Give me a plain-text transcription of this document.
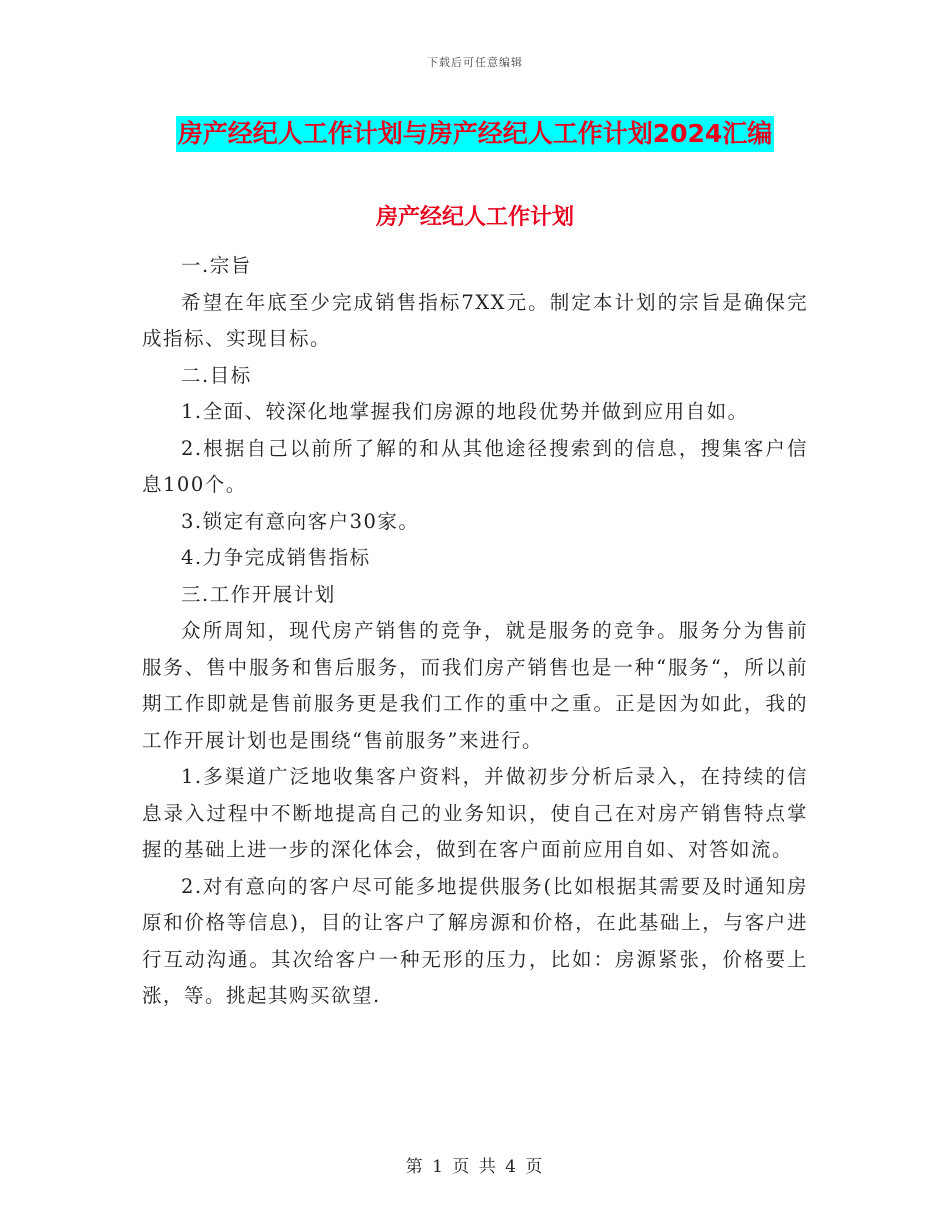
下载后可任意编辑
房产经纪人工作计划与房产经纪人工作计划2024汇编
房产经纪人工作计划

一.宗旨

希望在年底至少完成销售指标7XX元。制定本计划的宗旨是确保完成指标、实现目标。

二.目标

1.全面、较深化地掌握我们房源的地段优势并做到应用自如。

2.根据自己以前所了解的和从其他途径搜索到的信息，搜集客户信息100个。

3.锁定有意向客户30家。

4.力争完成销售指标

三.工作开展计划

众所周知，现代房产销售的竞争，就是服务的竞争。服务分为售前服务、售中服务和售后服务，而我们房产销售也是一种“服务“，所以前期工作即就是售前服务更是我们工作的重中之重。正是因为如此，我的工作开展计划也是围绕“售前服务”来进行。

1.多渠道广泛地收集客户资料，并做初步分析后录入，在持续的信息录入过程中不断地提高自己的业务知识，使自己在对房产销售特点掌握的基础上进一步的深化体会，做到在客户面前应用自如、对答如流。

2.对有意向的客户尽可能多地提供服务(比如根据其需要及时通知房原和价格等信息)，目的让客户了解房源和价格，在此基础上，与客户进行互动沟通。其次给客户一种无形的压力，比如：房源紧张，价格要上涨，等。挑起其购买欲望.

第 1 页 共 4 页
